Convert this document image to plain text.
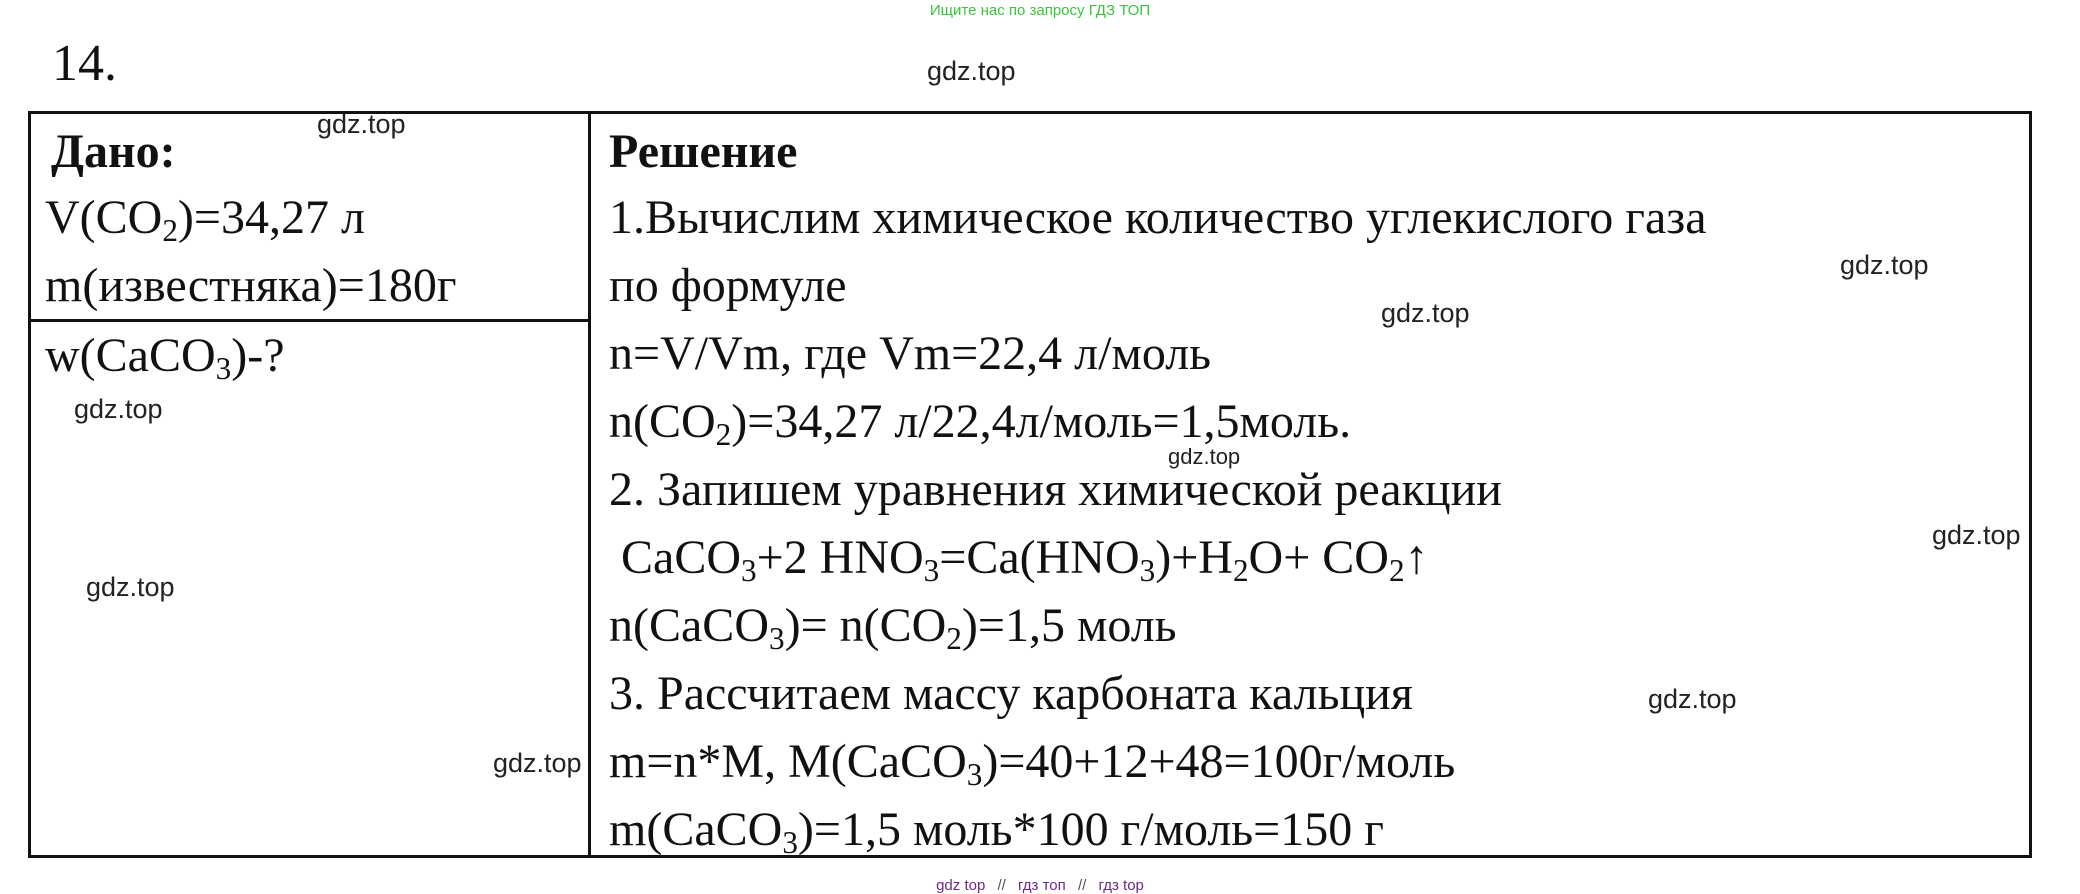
Ищите нас по запросу ГДЗ ТОП
14.	gdz.top
Дано:
$V(CO_2)=34,27$ л
m(известняка)=180г
w(CaCO$_3$)-?
Решение
1.Вычислим химическое количество углекислого газа
по формуле
n=V/Vm, где Vm=22,4 л/моль
$n(CO_2)=34,27$ л/22,4л/моль=1,5моль.
2. Запишем уравнения химической реакции
CaCO$_3$+2 $HNO_3=Ca(HNO_3)+H_2O+$ $CO_2↑$
n(CaCO$_3$)= $n(CO_2)=1,5$ моль
3. Рассчитаем массу карбоната кальция
m=n*M, M(CaCO$_3$)=40+12+48=100г/моль
m(CaCO$_3$)=1,5 моль*100 г/моль=150 г
gdz.top
gdz.top
gdz.top
gdz.top
gdz.top
gdz.top
gdz.top
gdz.top
gdz.top
gdz top // гдз топ // гдз top
